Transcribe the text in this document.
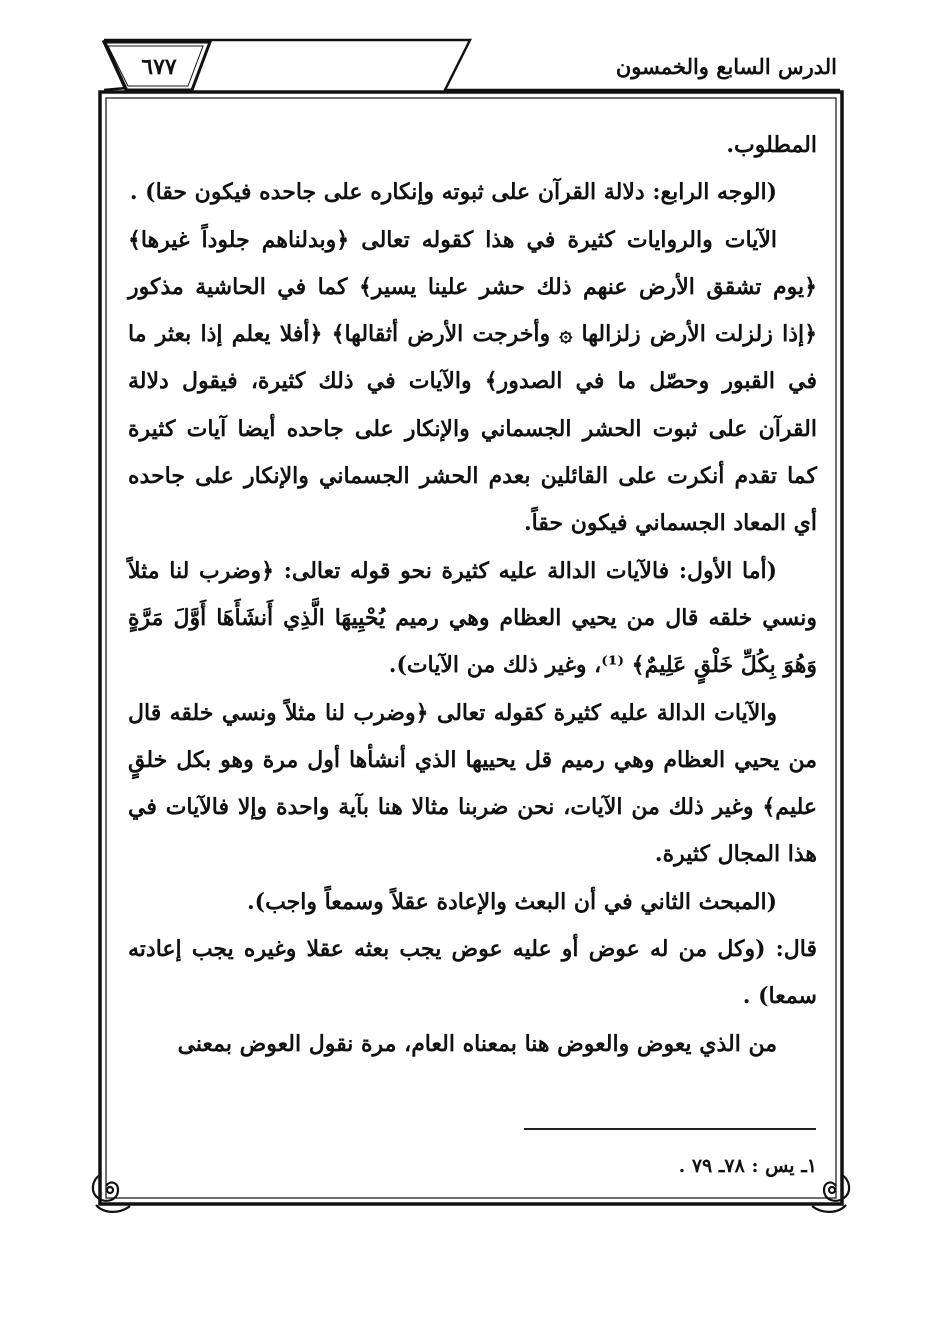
٦٧٧	الدرس السابع والخمسون

المطلوب.

(الوجه الرابع: دلالة القرآن على ثبوته وإنكاره على جاحده فيكون حقا) .

الآيات والروايات كثيرة في هذا كقوله تعالى ﴿وبدلناهم جلوداً غيرها﴾ ﴿يوم تشقق الأرض عنهم ذلك حشر علينا يسير﴾ كما في الحاشية مذكور ﴿إذا زلزلت الأرض زلزالها ۞ وأخرجت الأرض أثقالها﴾ ﴿أفلا يعلم إذا بعثر ما في القبور وحصّل ما في الصدور﴾ والآيات في ذلك كثيرة، فيقول دلالة القرآن على ثبوت الحشر الجسماني والإنكار على جاحده أيضا آيات كثيرة كما تقدم أنكرت على القائلين بعدم الحشر الجسماني والإنكار على جاحده أي المعاد الجسماني فيكون حقاً.

(أما الأول: فالآيات الدالة عليه كثيرة نحو قوله تعالى: ﴿وضرب لنا مثلاً ونسي خلقه قال من يحيي العظام وهي رميم يُحْيِيهَا الَّذِي أَنشَأَهَا أَوَّلَ مَرَّةٍ وَهُوَ بِكُلِّ خَلْقٍ عَلِيمٌ﴾ ⁽¹⁾، وغير ذلك من الآيات).

والآيات الدالة عليه كثيرة كقوله تعالى ﴿وضرب لنا مثلاً ونسي خلقه قال من يحيي العظام وهي رميم قل يحييها الذي أنشأها أول مرة وهو بكل خلقٍ عليم﴾ وغير ذلك من الآيات، نحن ضربنا مثالا هنا بآية واحدة وإلا فالآيات في هذا المجال كثيرة.

(المبحث الثاني في أن البعث والإعادة عقلاً وسمعاً واجب).

قال: (وكل من له عوض أو عليه عوض يجب بعثه عقلا وغيره يجب إعادته سمعا) .

من الذي يعوض والعوض هنا بمعناه العام، مرة نقول العوض بمعنى

١ـ يس : ٧٨ـ ٧٩ .
